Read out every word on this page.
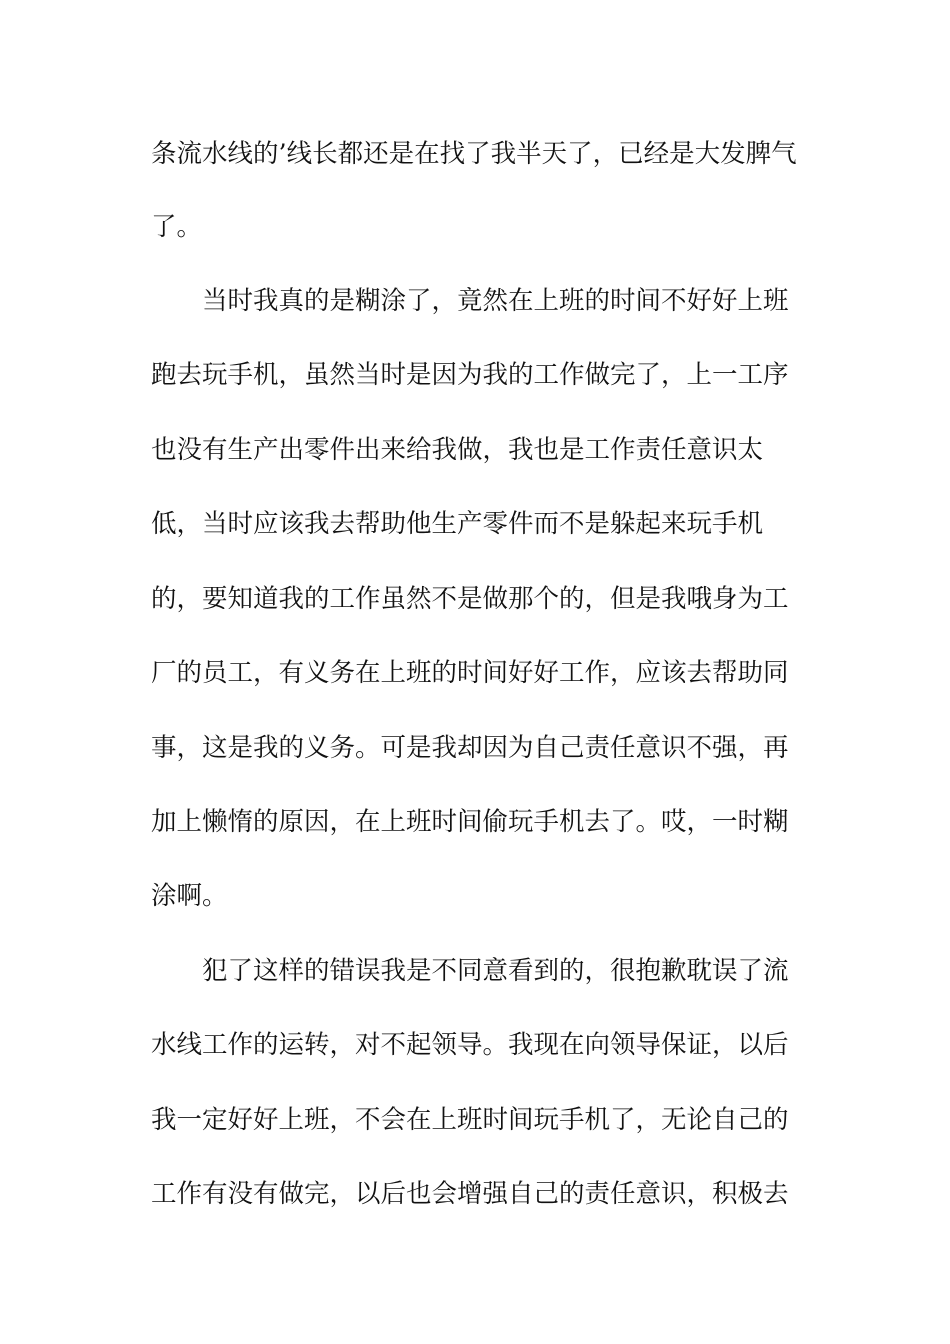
条流水线的’线长都还是在找了我半天了，已经是大发脾气
了。
当时我真的是糊涂了，竟然在上班的时间不好好上班
跑去玩手机，虽然当时是因为我的工作做完了，上一工序
也没有生产出零件出来给我做，我也是工作责任意识太
低，当时应该我去帮助他生产零件而不是躲起来玩手机
的，要知道我的工作虽然不是做那个的，但是我哦身为工
厂的员工，有义务在上班的时间好好工作，应该去帮助同
事，这是我的义务。可是我却因为自己责任意识不强，再
加上懒惰的原因，在上班时间偷玩手机去了。哎，一时糊
涂啊。
犯了这样的错误我是不同意看到的，很抱歉耽误了流
水线工作的运转，对不起领导。我现在向领导保证，以后
我一定好好上班，不会在上班时间玩手机了，无论自己的
工作有没有做完，以后也会增强自己的责任意识，积极去
